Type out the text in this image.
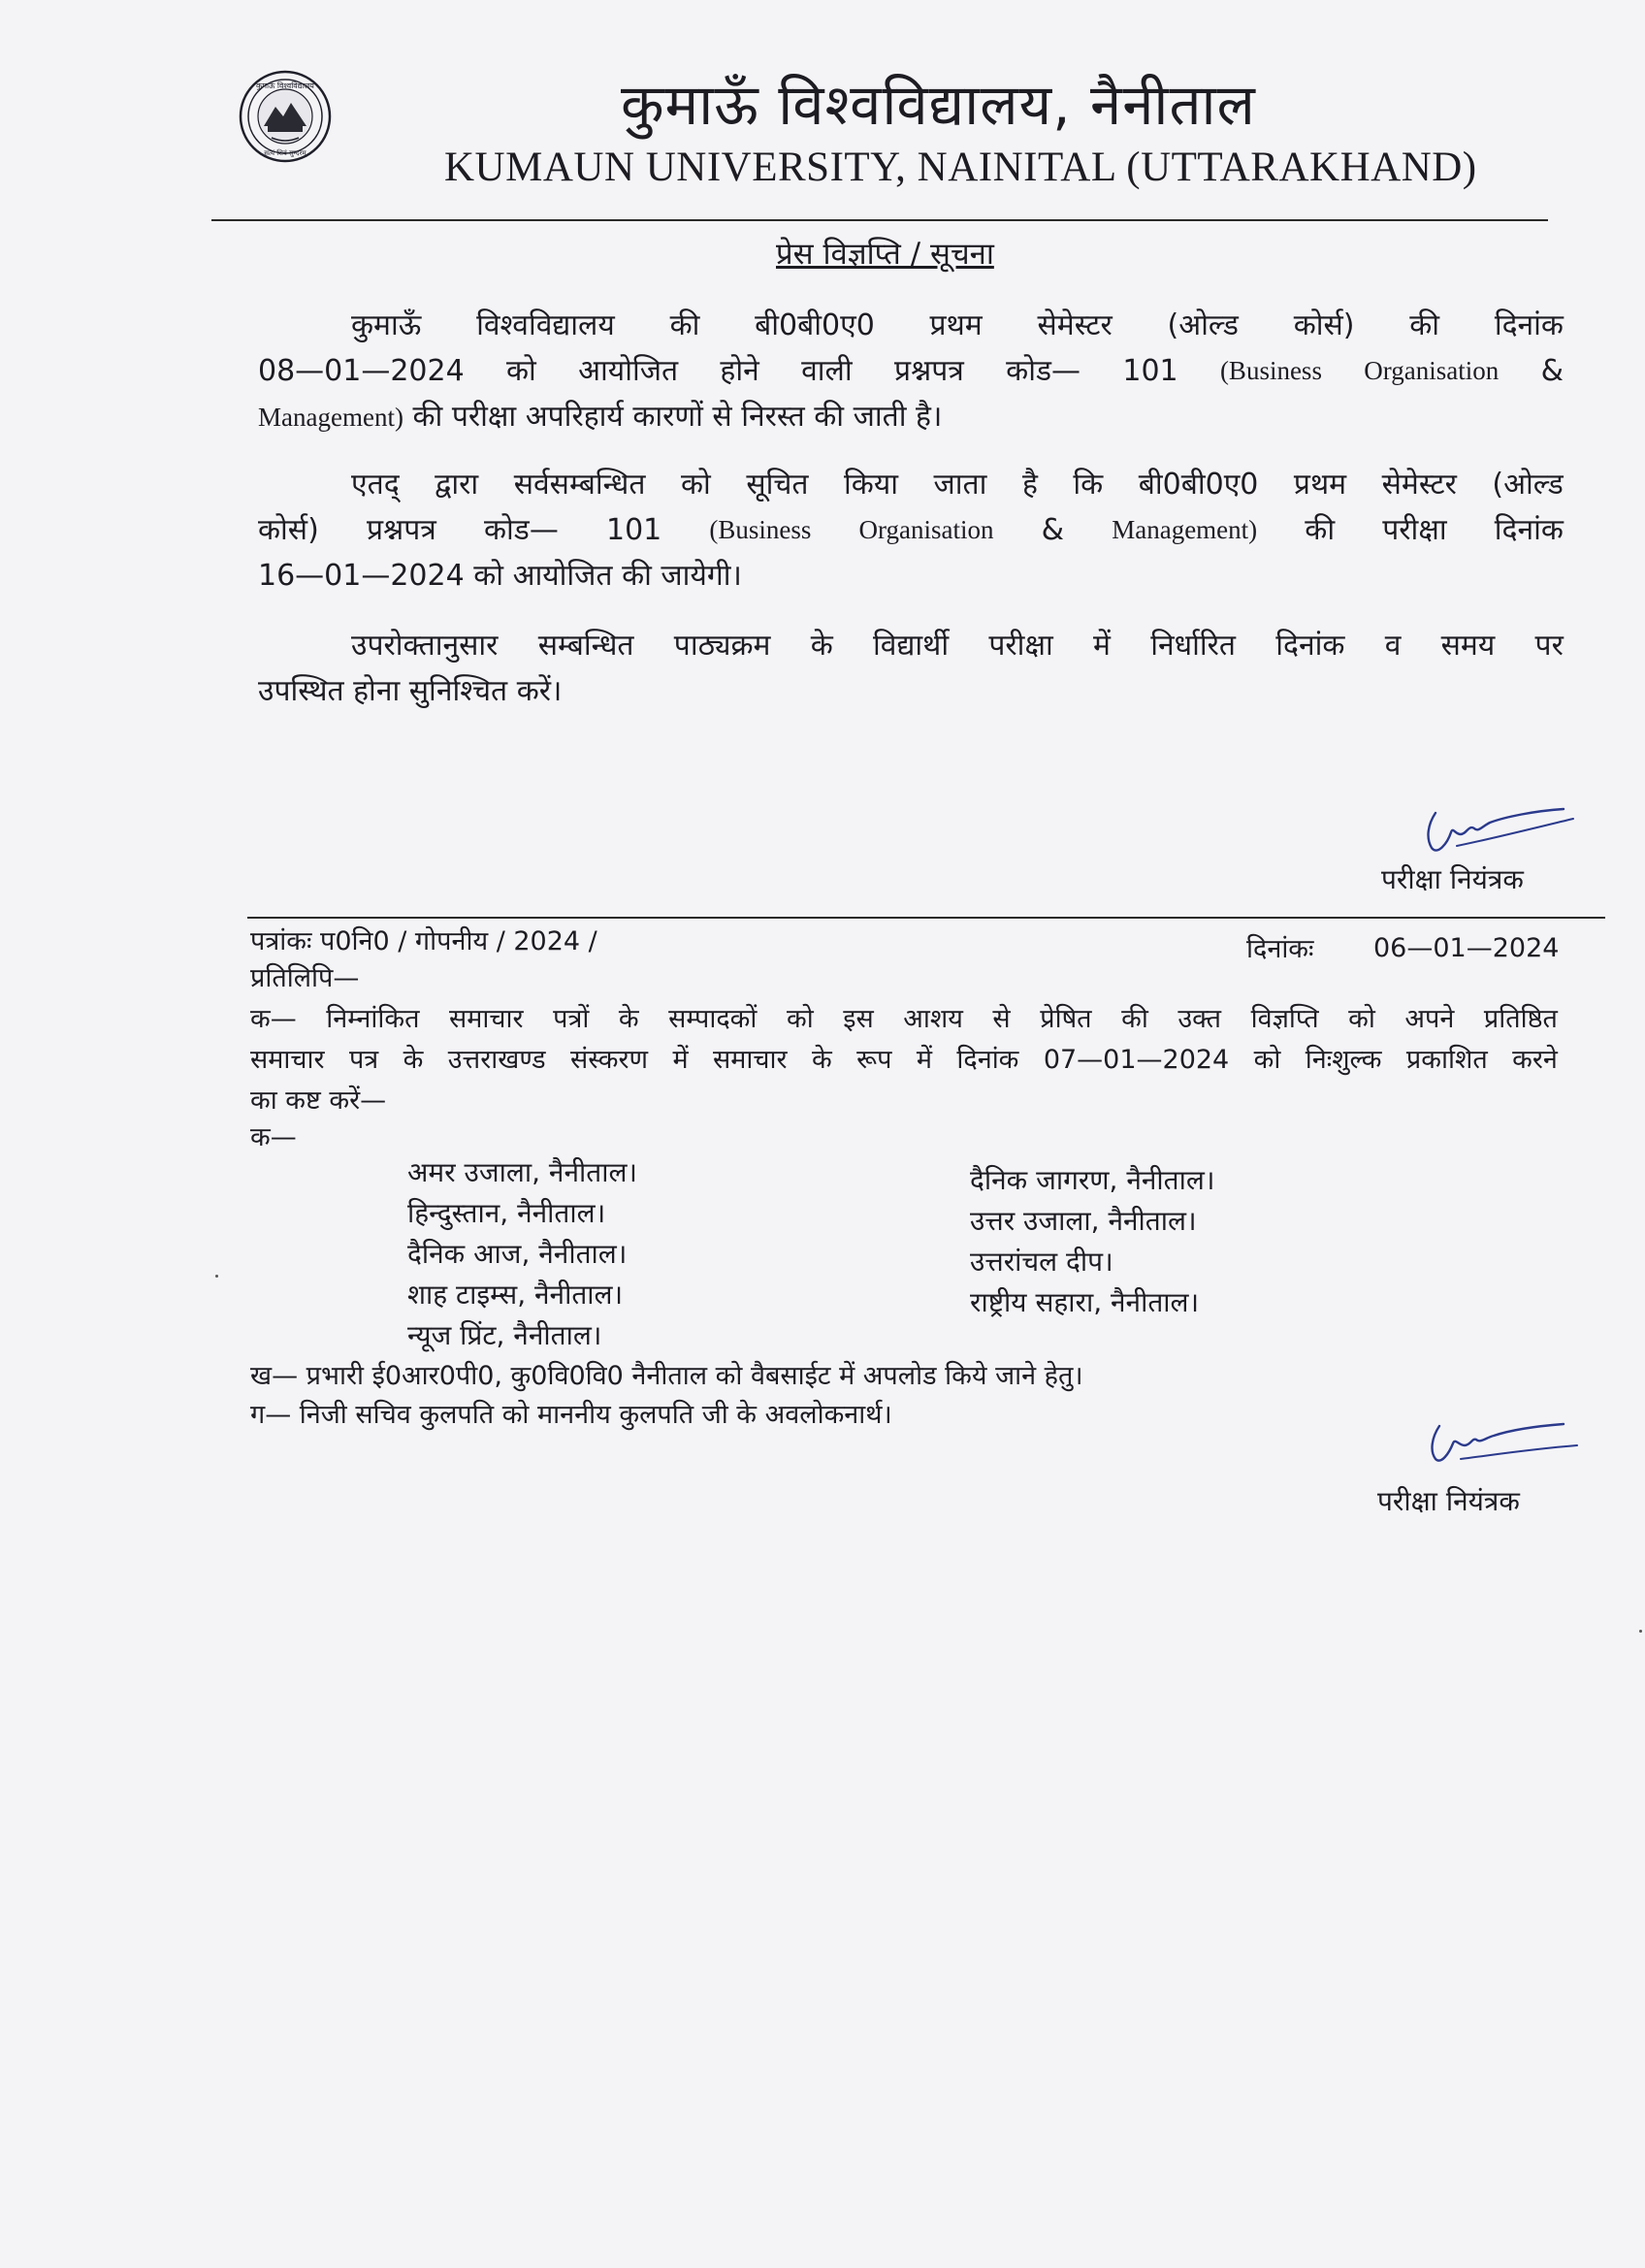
कुमाऊँ विश्वविद्यालय
सत्यं शिवं सुन्दरम्
कुमाऊँ विश्वविद्यालय, नैनीताल
KUMAUN UNIVERSITY, NAINITAL (UTTARAKHAND)
प्रेस विज्ञप्ति / सूचना
कुमाऊँ विश्वविद्यालय की बी0बी0ए0 प्रथम सेमेस्टर (ओल्ड कोर्स) की दिनांक
08—01—2024 को आयोजित होने वाली प्रश्नपत्र कोड— 101 (Business Organisation &
Management) की परीक्षा अपरिहार्य कारणों से निरस्त की जाती है।
एतद् द्वारा सर्वसम्बन्धित को सूचित किया जाता है कि बी0बी0ए0 प्रथम सेमेस्टर (ओल्ड
कोर्स) प्रश्नपत्र कोड— 101 (Business Organisation & Management) की परीक्षा दिनांक
16—01—2024 को आयोजित की जायेगी।
उपरोक्तानुसार सम्बन्धित पाठ्यक्रम के विद्यार्थी परीक्षा में निर्धारित दिनांक व समय पर
उपस्थित होना सुनिश्चित करें।
परीक्षा नियंत्रक
पत्रांकः प0नि0 / गोपनीय / 2024 /	दिनांकः 06—01—2024
प्रतिलिपि—
क— निम्नांकित समाचार पत्रों के सम्पादकों को इस आशय से प्रेषित की उक्त विज्ञप्ति को अपने प्रतिष्ठित
समाचार पत्र के उत्तराखण्ड संस्करण में समाचार के रूप में दिनांक 07—01—2024 को निःशुल्क प्रकाशित करने
का कष्ट करें—
क—
अमर उजाला, नैनीताल।
हिन्दुस्तान, नैनीताल।
दैनिक आज, नैनीताल।
शाह टाइम्स, नैनीताल।
न्यूज प्रिंट, नैनीताल।
दैनिक जागरण, नैनीताल।
उत्तर उजाला, नैनीताल।
उत्तरांचल दीप।
राष्ट्रीय सहारा, नैनीताल।
ख— प्रभारी ई0आर0पी0, कु0वि0वि0 नैनीताल को वैबसाईट में अपलोड किये जाने हेतु।
ग— निजी सचिव कुलपति को माननीय कुलपति जी के अवलोकनार्थ।
परीक्षा नियंत्रक
